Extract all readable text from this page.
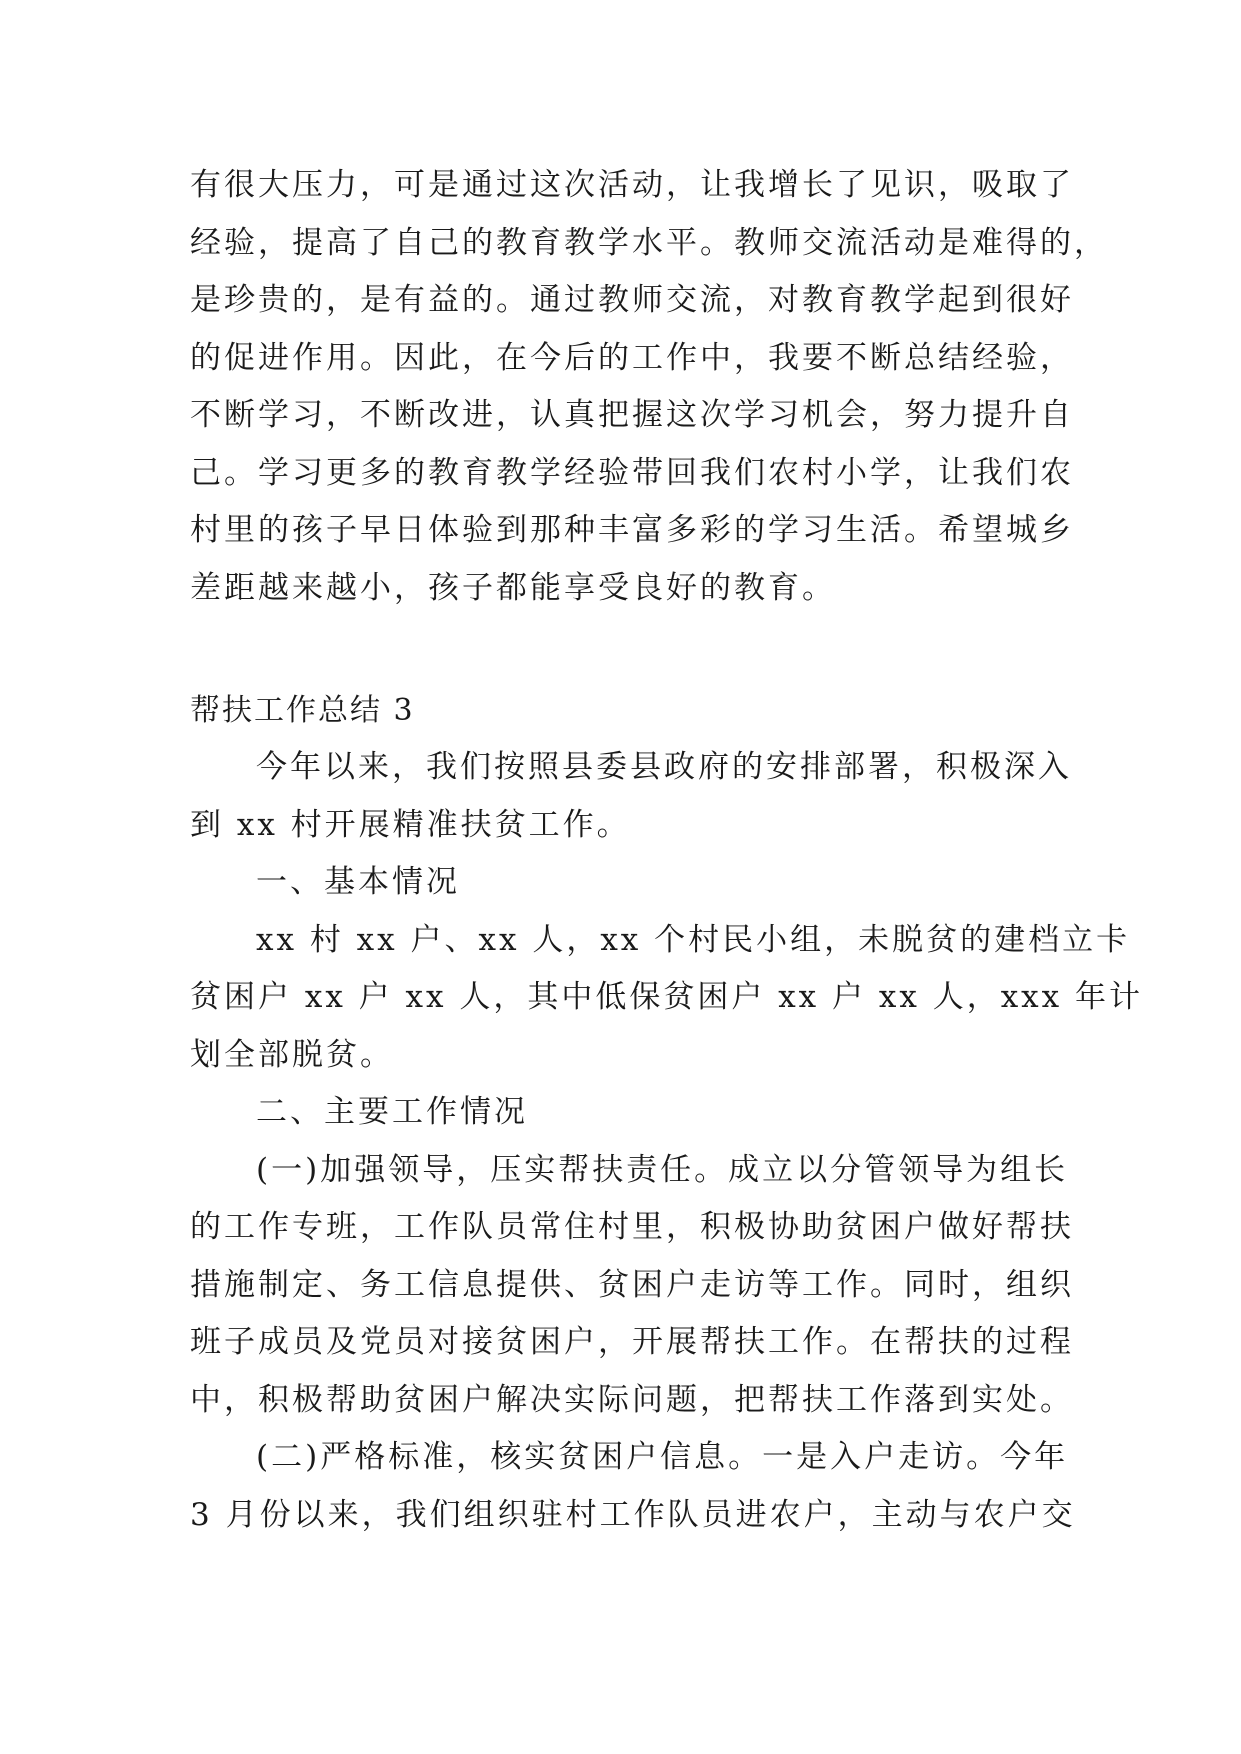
有很大压力，可是通过这次活动，让我增长了见识，吸取了
经验，提高了自己的教育教学水平。教师交流活动是难得的，
是珍贵的，是有益的。通过教师交流，对教育教学起到很好
的促进作用。因此，在今后的工作中，我要不断总结经验，
不断学习，不断改进，认真把握这次学习机会，努力提升自
己。学习更多的教育教学经验带回我们农村小学，让我们农
村里的孩子早日体验到那种丰富多彩的学习生活。希望城乡
差距越来越小，孩子都能享受良好的教育。
帮扶工作总结 3
今年以来，我们按照县委县政府的安排部署，积极深入
到 xx 村开展精准扶贫工作。
一、基本情况
xx 村 xx 户、xx 人，xx 个村民小组，未脱贫的建档立卡
贫困户 xx 户 xx 人，其中低保贫困户 xx 户 xx 人，xxx 年计
划全部脱贫。
二、主要工作情况
(一)加强领导，压实帮扶责任。成立以分管领导为组长
的工作专班，工作队员常住村里，积极协助贫困户做好帮扶
措施制定、务工信息提供、贫困户走访等工作。同时，组织
班子成员及党员对接贫困户，开展帮扶工作。在帮扶的过程
中，积极帮助贫困户解决实际问题，把帮扶工作落到实处。
(二)严格标准，核实贫困户信息。一是入户走访。今年
3 月份以来，我们组织驻村工作队员进农户，主动与农户交
